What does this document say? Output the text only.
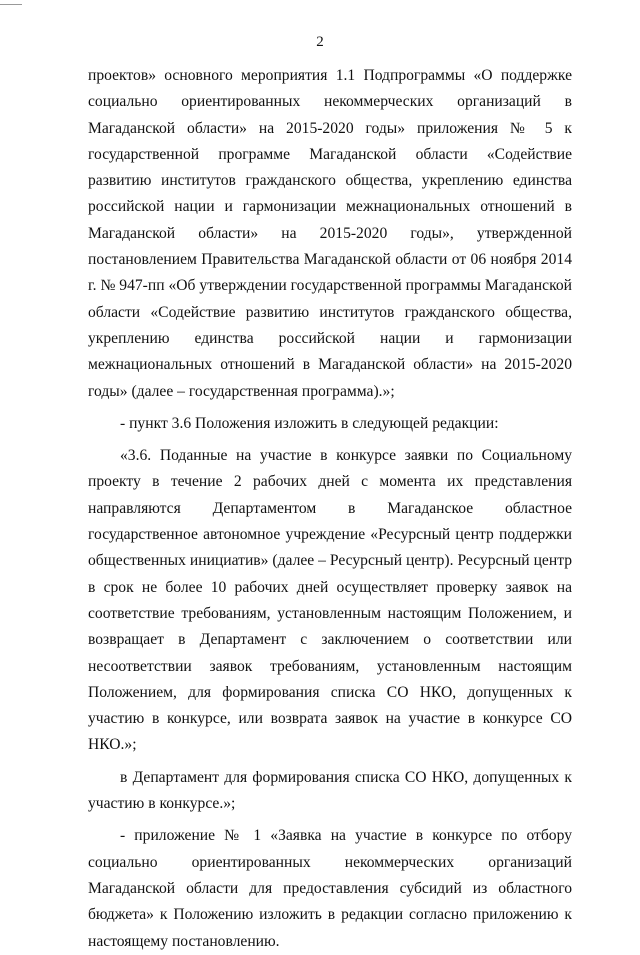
2

проектов» основного мероприятия 1.1 Подпрограммы «О поддержке социально ориентированных некоммерческих организаций в Магаданской области» на 2015-2020 годы» приложения № 5 к государственной программе Магаданской области «Содействие развитию институтов гражданского общества, укреплению единства российской нации и гармонизации межнациональных отношений в Магаданской области» на 2015-2020 годы», утвержденной постановлением Правительства Магаданской области от 06 ноября 2014 г. № 947-пп «Об утверждении государственной программы Магаданской области «Содействие развитию институтов гражданского общества, укреплению единства российской нации и гармонизации межнациональных отношений в Магаданской области» на 2015-2020 годы» (далее – государственная программа).»;

- пункт 3.6 Положения изложить в следующей редакции:

«3.6. Поданные на участие в конкурсе заявки по Социальному проекту в течение 2 рабочих дней с момента их представления направляются Департаментом в Магаданское областное государственное автономное учреждение «Ресурсный центр поддержки общественных инициатив» (далее – Ресурсный центр). Ресурсный центр в срок не более 10 рабочих дней осуществляет проверку заявок на соответствие требованиям, установленным настоящим Положением, и возвращает в Департамент с заключением о соответствии или несоответствии заявок требованиям, установленным настоящим Положением, для формирования списка СО НКО, допущенных к участию в конкурсе, или возврата заявок на участие в конкурсе СО НКО.»;

в Департамент для формирования списка СО НКО, допущенных к участию в конкурсе.»;

- приложение № 1 «Заявка на участие в конкурсе по отбору социально ориентированных некоммерческих организаций Магаданской области для предоставления субсидий из областного бюджета» к Положению изложить в редакции согласно приложению к настоящему постановлению.
